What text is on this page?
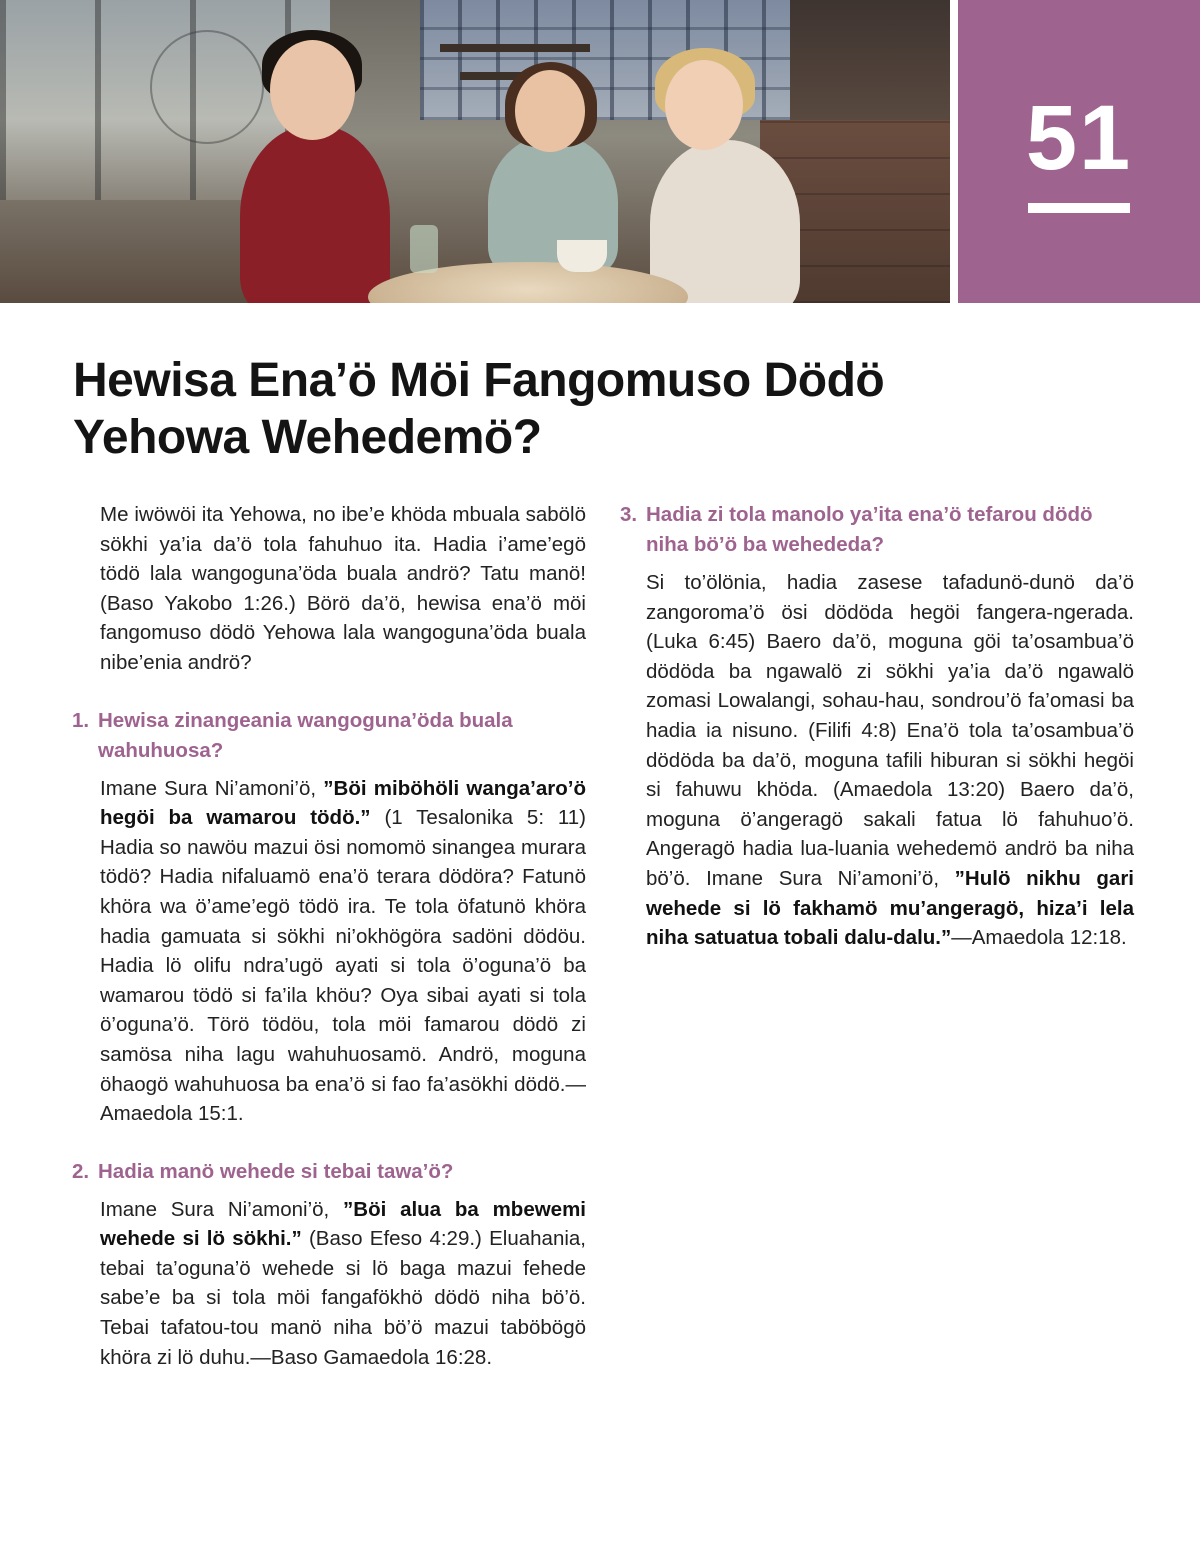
51
Hewisa Ena’ö Möi Fangomuso Dödö
Yehowa Wehedemö?

Me iwöwöi ita Yehowa, no ibe’e khöda mbuala sabölö sökhi ya’ia da’ö tola fahuhuo ita. Hadia i’ame’egö tödö lala wangoguna’öda buala andrö? Tatu manö! (Baso Yakobo 1:26.) Börö da’ö, hewisa ena’ö möi fangomuso dödö Yehowa lala wangoguna’öda buala nibe’enia andrö?

1. Hewisa zinangeania wangoguna’öda buala wahuhuosa?

Imane Sura Ni’amoni’ö, ”Böi miböhöli wanga’aro’ö hegöi ba wamarou tödö.” (1 Tesalonika 5: 11) Hadia so nawöu mazui ösi nomomö sinangea murara tödö? Hadia nifaluamö ena’ö terara dödöra? Fatunö khöra wa ö’ame’egö tödö ira. Te tola öfatunö khöra hadia gamuata si sökhi ni’okhögöra sadöni dödöu. Hadia lö olifu ndra’ugö ayati si tola ö’oguna’ö ba wamarou tödö si fa’ila khöu? Oya sibai ayati si tola ö’oguna’ö. Törö tödöu, tola möi famarou dödö zi samösa niha lagu wahuhuosamö. Andrö, moguna öhaogö wahuhuosa ba ena’ö si fao fa’asökhi dödö.—Amaedola 15:1.

2. Hadia manö wehede si tebai tawa’ö?

Imane Sura Ni’amoni’ö, ”Böi alua ba mbewemi wehede si lö sökhi.” (Baso Efeso 4:29.) Eluahania, tebai ta’oguna’ö wehede si lö baga mazui fehede sabe’e ba si tola möi fangafökhö dödö niha bö’ö. Tebai tafatou-tou manö niha bö’ö mazui taböbögö khöra zi lö duhu.—Baso Gamaedola 16:28.

3. Hadia zi tola manolo ya’ita ena’ö tefarou dödö niha bö’ö ba wehededa?

Si to’ölönia, hadia zasese tafadunö-dunö da’ö zangoroma’ö ösi dödöda hegöi fangera-ngerada. (Luka 6:45) Baero da’ö, moguna göi ta’osambua’ö dödöda ba ngawalö zi sökhi ya’ia da’ö ngawalö zomasi Lowalangi, sohau-hau, sondrou’ö fa’omasi ba hadia ia nisuno. (Filifi 4:8) Ena’ö tola ta’osambua’ö dödöda ba da’ö, moguna tafili hiburan si sökhi hegöi si fahuwu khöda. (Amaedola 13:20) Baero da’ö, moguna ö’angeragö sakali fatua lö fahuhuo’ö. Angeragö hadia lua-luania wehedemö andrö ba niha bö’ö. Imane Sura Ni’amoni’ö, ”Hulö nikhu gari wehede si lö fakhamö mu’angeragö, hiza’i lela niha satuatua tobali dalu-dalu.”—Amaedola 12:18.
